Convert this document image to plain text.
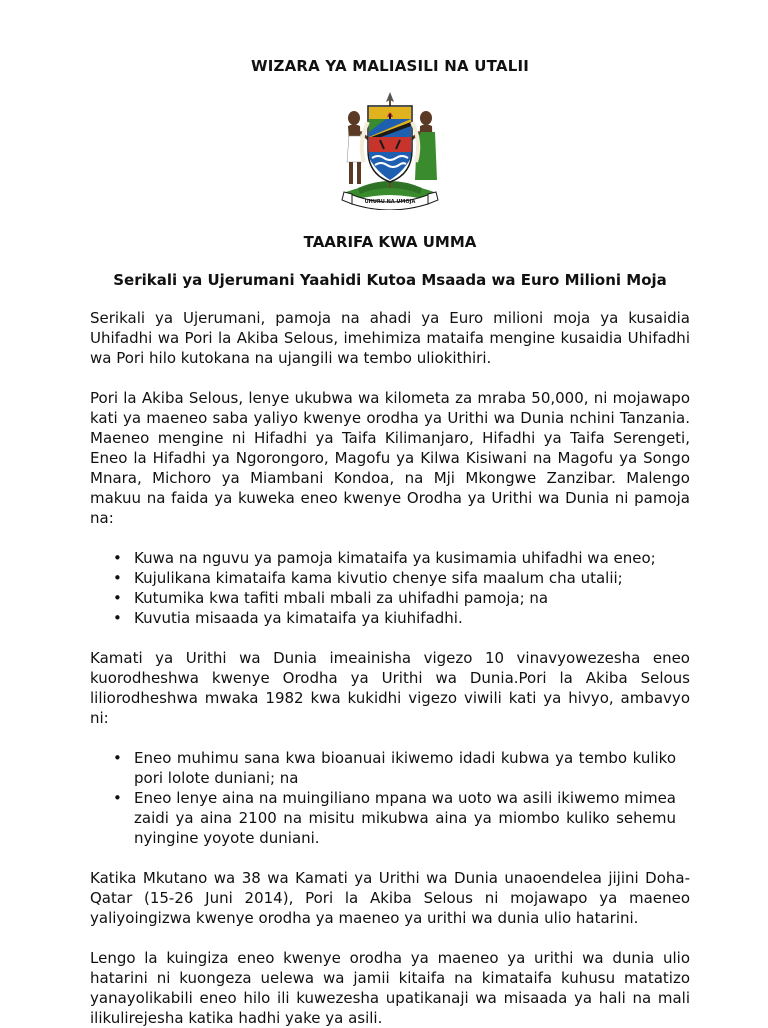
WIZARA YA MALIASILI NA UTALII
UHURU NA UMOJA
TAARIFA KWA UMMA
Serikali ya Ujerumani Yaahidi Kutoa Msaada wa Euro Milioni Moja

Serikali ya Ujerumani, pamoja na ahadi ya Euro milioni moja ya kusaidia Uhifadhi wa Pori la Akiba Selous, imehimiza mataifa mengine kusaidia Uhifadhi wa Pori hilo kutokana na ujangili wa tembo uliokithiri.

Pori la Akiba Selous, lenye ukubwa wa kilometa za mraba 50,000, ni mojawapo kati ya maeneo saba yaliyo kwenye orodha ya Urithi wa Dunia nchini Tanzania. Maeneo mengine ni Hifadhi ya Taifa Kilimanjaro, Hifadhi ya Taifa Serengeti, Eneo la Hifadhi ya Ngorongoro, Magofu ya Kilwa Kisiwani na Magofu ya Songo Mnara, Michoro ya Miambani Kondoa, na Mji Mkongwe Zanzibar. Malengo makuu na faida ya kuweka eneo kwenye Orodha ya Urithi wa Dunia ni pamoja na:

• Kuwa na nguvu ya pamoja kimataifa ya kusimamia uhifadhi wa eneo;
• Kujulikana kimataifa kama kivutio chenye sifa maalum cha utalii;
• Kutumika kwa tafiti mbali mbali za uhifadhi pamoja; na
• Kuvutia misaada ya kimataifa ya kiuhifadhi.

Kamati ya Urithi wa Dunia imeainisha vigezo 10 vinavyowezesha eneo kuorodheshwa kwenye Orodha ya Urithi wa Dunia.Pori la Akiba Selous liliorodheshwa mwaka 1982 kwa kukidhi vigezo viwili kati ya hivyo, ambavyo ni:

• Eneo muhimu sana kwa bioanuai ikiwemo idadi kubwa ya tembo kuliko pori lolote duniani; na
• Eneo lenye aina na muingiliano mpana wa uoto wa asili ikiwemo mimea zaidi ya aina 2100 na misitu mikubwa aina ya miombo kuliko sehemu nyingine yoyote duniani.

Katika Mkutano wa 38 wa Kamati ya Urithi wa Dunia unaoendelea jijini Doha-Qatar (15-26 Juni 2014), Pori la Akiba Selous ni mojawapo ya maeneo yaliyoingizwa kwenye orodha ya maeneo ya urithi wa dunia ulio hatarini.

Lengo la kuingiza eneo kwenye orodha ya maeneo ya urithi wa dunia ulio hatarini ni kuongeza uelewa wa jamii kitaifa na kimataifa kuhusu matatizo yanayolikabili eneo hilo ili kuwezesha upatikanaji wa misaada ya hali na mali ilikulirejesha katika hadhi yake ya asili.
